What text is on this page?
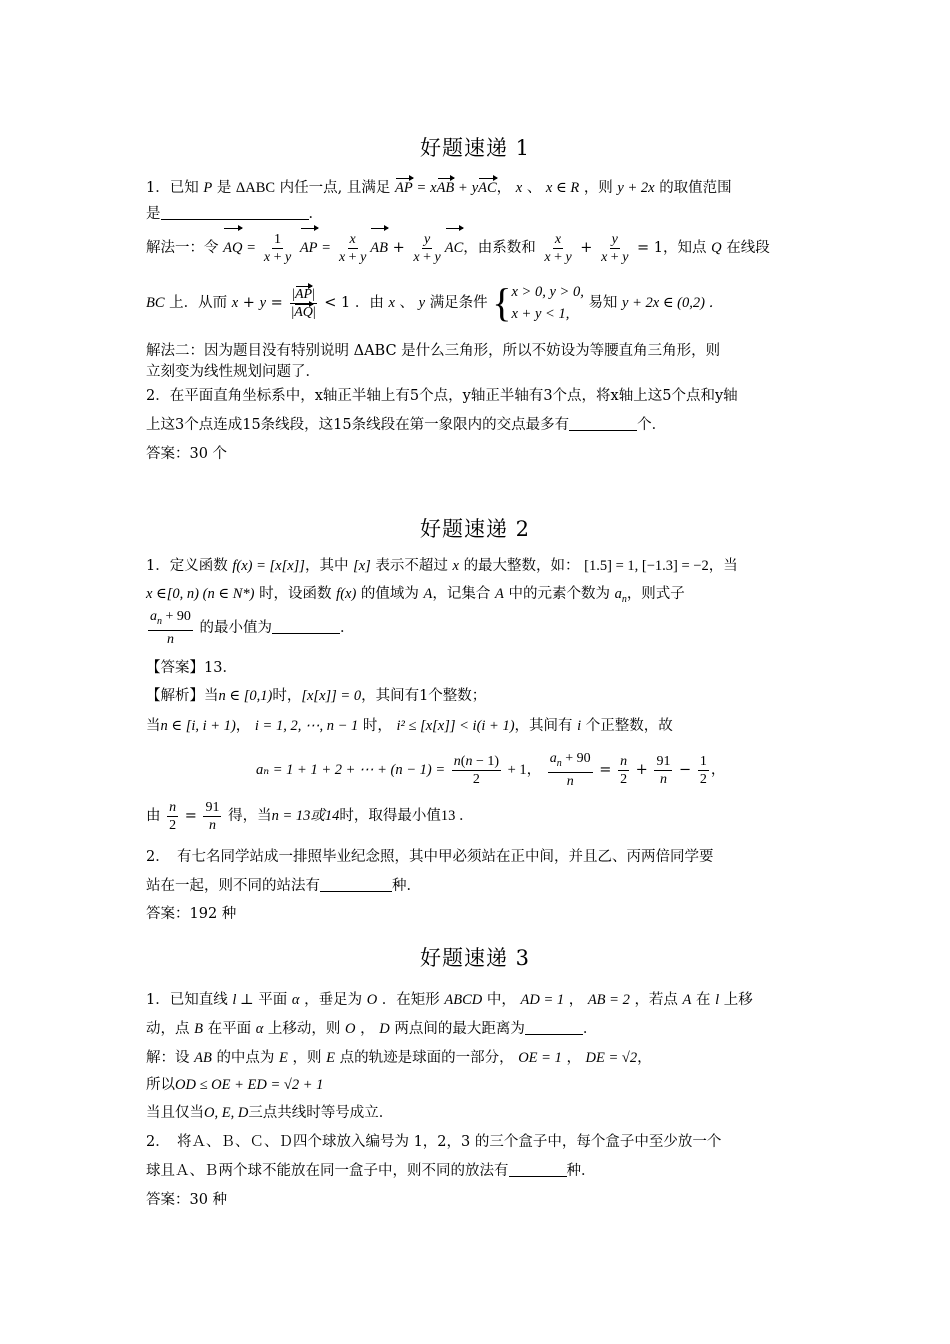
好题速递 1
1．已知 P 是 ΔABC 内任一点, 且满足 AP = xAB + yAC， x 、 x ∈ R ，则 y + 2x 的取值范围
是	．
解法一：令 AQ = $\frac{1}{x + y}$ AP = $\frac{x}{x + y}$ AB + $\frac{y}{x + y}$ AC，由系数和 $\frac{x}{x + y} + \frac{y}{x + y} = 1$，知点 Q 在线段
BC 上．从而 $x + y = \frac{|AP|}{|AQ|} < 1$ ．由 x 、 y 满足条件 { x > 0, y > 0,
x + y < 1,
易知 y + 2x ∈ (0,2) ．
解法二：因为题目没有特别说明 ΔABC 是什么三角形，所以不妨设为等腰直角三角形，则
立刻变为线性规划问题了．
2．在平面直角坐标系中，x轴正半轴上有5个点，y轴正半轴有3个点，将x轴上这5个点和y轴
上这3个点连成15条线段，这15条线段在第一象限内的交点最多有	个．
答案：30 个
好题速递 2
1．定义函数 f(x) = [x[x]]，其中 [x] 表示不超过 x 的最大整数，如： [1.5] = 1, [−1.3] = −2，当
x ∈[0, n) (n ∈ N*) 时，设函数 f(x) 的值域为 A，记集合 A 中的元素个数为 $a_n$，则式子
$\frac{a_n + 90}{n}$ 的最小值为	．
【答案】13．
【解析】当n ∈ [0,1)时，[x[x]] = 0，其间有1个整数；
当n ∈ [i, i + 1)， i = 1, 2, ⋯, n − 1 时， i² ≤ [x[x]] < i(i + 1)，其间有 i 个正整数，故
aₙ = 1 + 1 + 2 + ⋯ + $(n - 1) = \frac{n(n - 1)}{2} + 1$， $\frac{a_n + 90}{n} = \frac{n}{2} + \frac{91}{n} - \frac{1}{2}$ ，
由 $\frac{n}{2} = \frac{91}{n}$ 得，当n = 13或14时，取得最小值13 ．
2．　有七名同学站成一排照毕业纪念照，其中甲必须站在正中间，并且乙、丙两倍同学要
站在一起，则不同的站法有	种．
答案：192 种
好题速递 3
1．已知直线 l ⊥ 平面 α ，垂足为 O ．在矩形 ABCD 中， AD = 1 ， AB = 2 ，若点 A 在 l 上移
动，点 B 在平面 α 上移动，则 O ， D 两点间的最大距离为	．
解：设 AB 的中点为 E ，则 E 点的轨迹是球面的一部分， OE = 1 ， DE = √2，
所以OD ≤ OE + ED = √2 + 1
当且仅当O, E, D三点共线时等号成立．
2．　将Ａ、Ｂ、Ｃ、Ｄ四个球放入编号为 1，2，3 的三个盒子中，每个盒子中至少放一个
球且Ａ、Ｂ两个球不能放在同一盒子中，则不同的放法有	种．
答案：30 种
